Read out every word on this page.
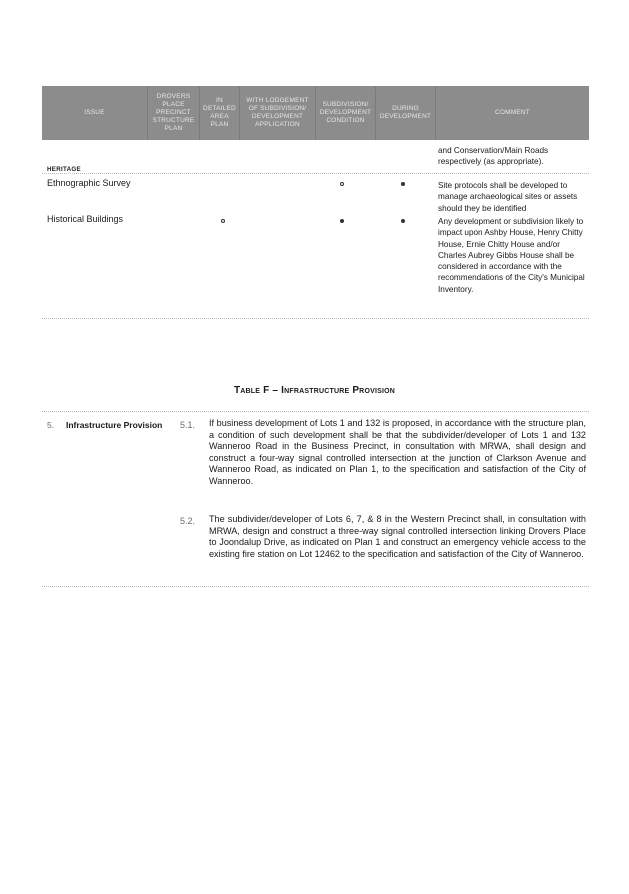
ISSUE
DROVERS PLACE PRECINCT STRUCTURE PLAN
IN DETAILED AREA PLAN
WITH LODGEMENT OF SUBDIVISION/ DEVELOPMENT APPLICATION
SUBDIVISION/ DEVELOPMENT CONDITION
DURING DEVELOPMENT
COMMENT
and Conservation/Main Roads respectively (as appropriate).
HERITAGE
Ethnographic Survey	Site protocols shall be developed to manage archaeological sites or assets should they be identified
Historical Buildings	Any development or subdivision likely to impact upon Ashby House, Henry Chitty House, Ernie Chitty House and/or Charles Aubrey Gibbs House shall be considered in accordance with the recommendations of the City's Municipal Inventory.
Table F – Infrastructure Provision
5. Infrastructure Provision 5.1. If business development of Lots 1 and 132 is proposed, in accordance with the structure plan, a condition of such development shall be that the subdivider/developer of Lots 1 and 132 Wanneroo Road in the Business Precinct, in consultation with MRWA, shall design and construct a four-way signal controlled intersection at the junction of Clarkson Avenue and Wanneroo Road, as indicated on Plan 1, to the specification and satisfaction of the City of Wanneroo.
5.2. The subdivider/developer of Lots 6, 7, & 8 in the Western Precinct shall, in consultation with MRWA, design and construct a three-way signal controlled intersection linking Drovers Place to Joondalup Drive, as indicated on Plan 1 and construct an emergency vehicle access to the existing fire station on Lot 12462 to the specification and satisfaction of the City of Wanneroo.
